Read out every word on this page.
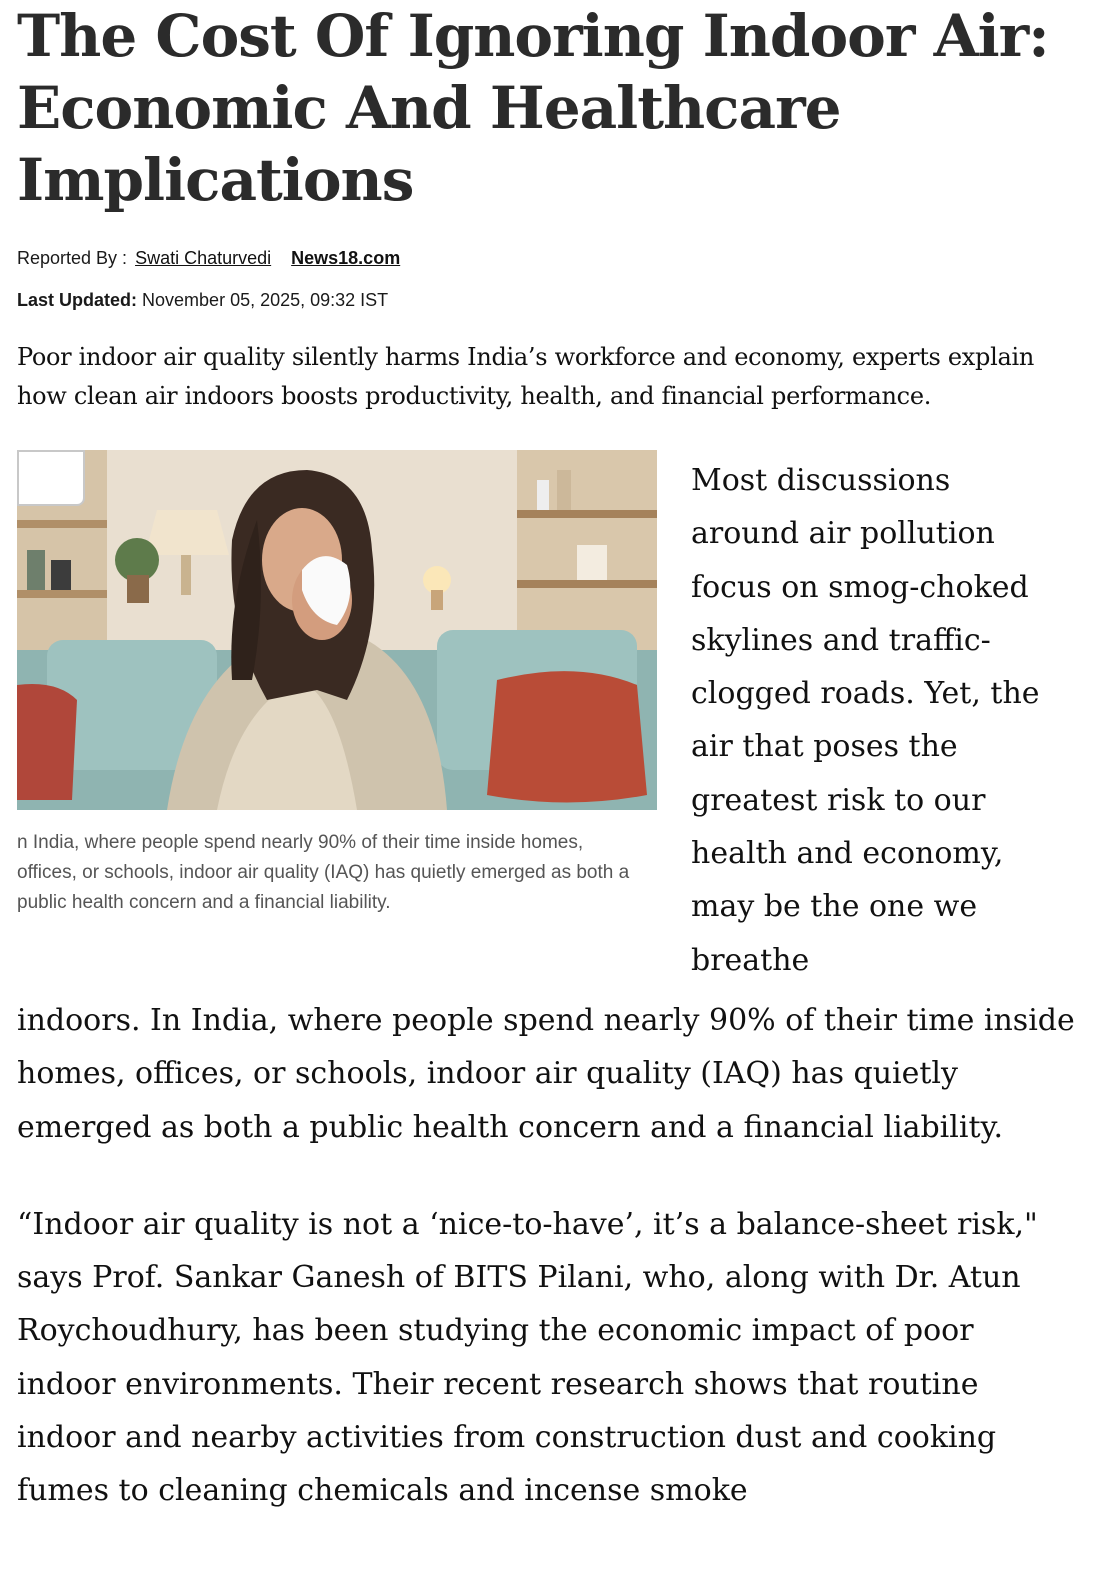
The Cost Of Ignoring Indoor Air: Economic And Healthcare Implications
Reported By : Swati Chaturvedi News18.com
Last Updated: November 05, 2025, 09:32 IST

Poor indoor air quality silently harms India’s workforce and economy, experts explain how clean air indoors boosts productivity, health, and financial performance.

n India, where people spend nearly 90% of their time inside homes, offices, or schools, indoor air quality (IAQ) has quietly emerged as both a public health concern and a financial liability.
Most discussions around air pollution focus on smog-choked skylines and traffic-clogged roads. Yet, the air that poses the greatest risk to our health and economy, may be the one we breathe

indoors. In India, where people spend nearly 90% of their time inside homes, offices, or schools, indoor air quality (IAQ) has quietly emerged as both a public health concern and a financial liability.

“Indoor air quality is not a ‘nice-to-have’, it’s a balance-sheet risk," says Prof. Sankar Ganesh of BITS Pilani, who, along with Dr. Atun Roychoudhury, has been studying the economic impact of poor indoor environments. Their recent research shows that routine indoor and nearby activities from construction dust and cooking fumes to cleaning chemicals and incense smoke
